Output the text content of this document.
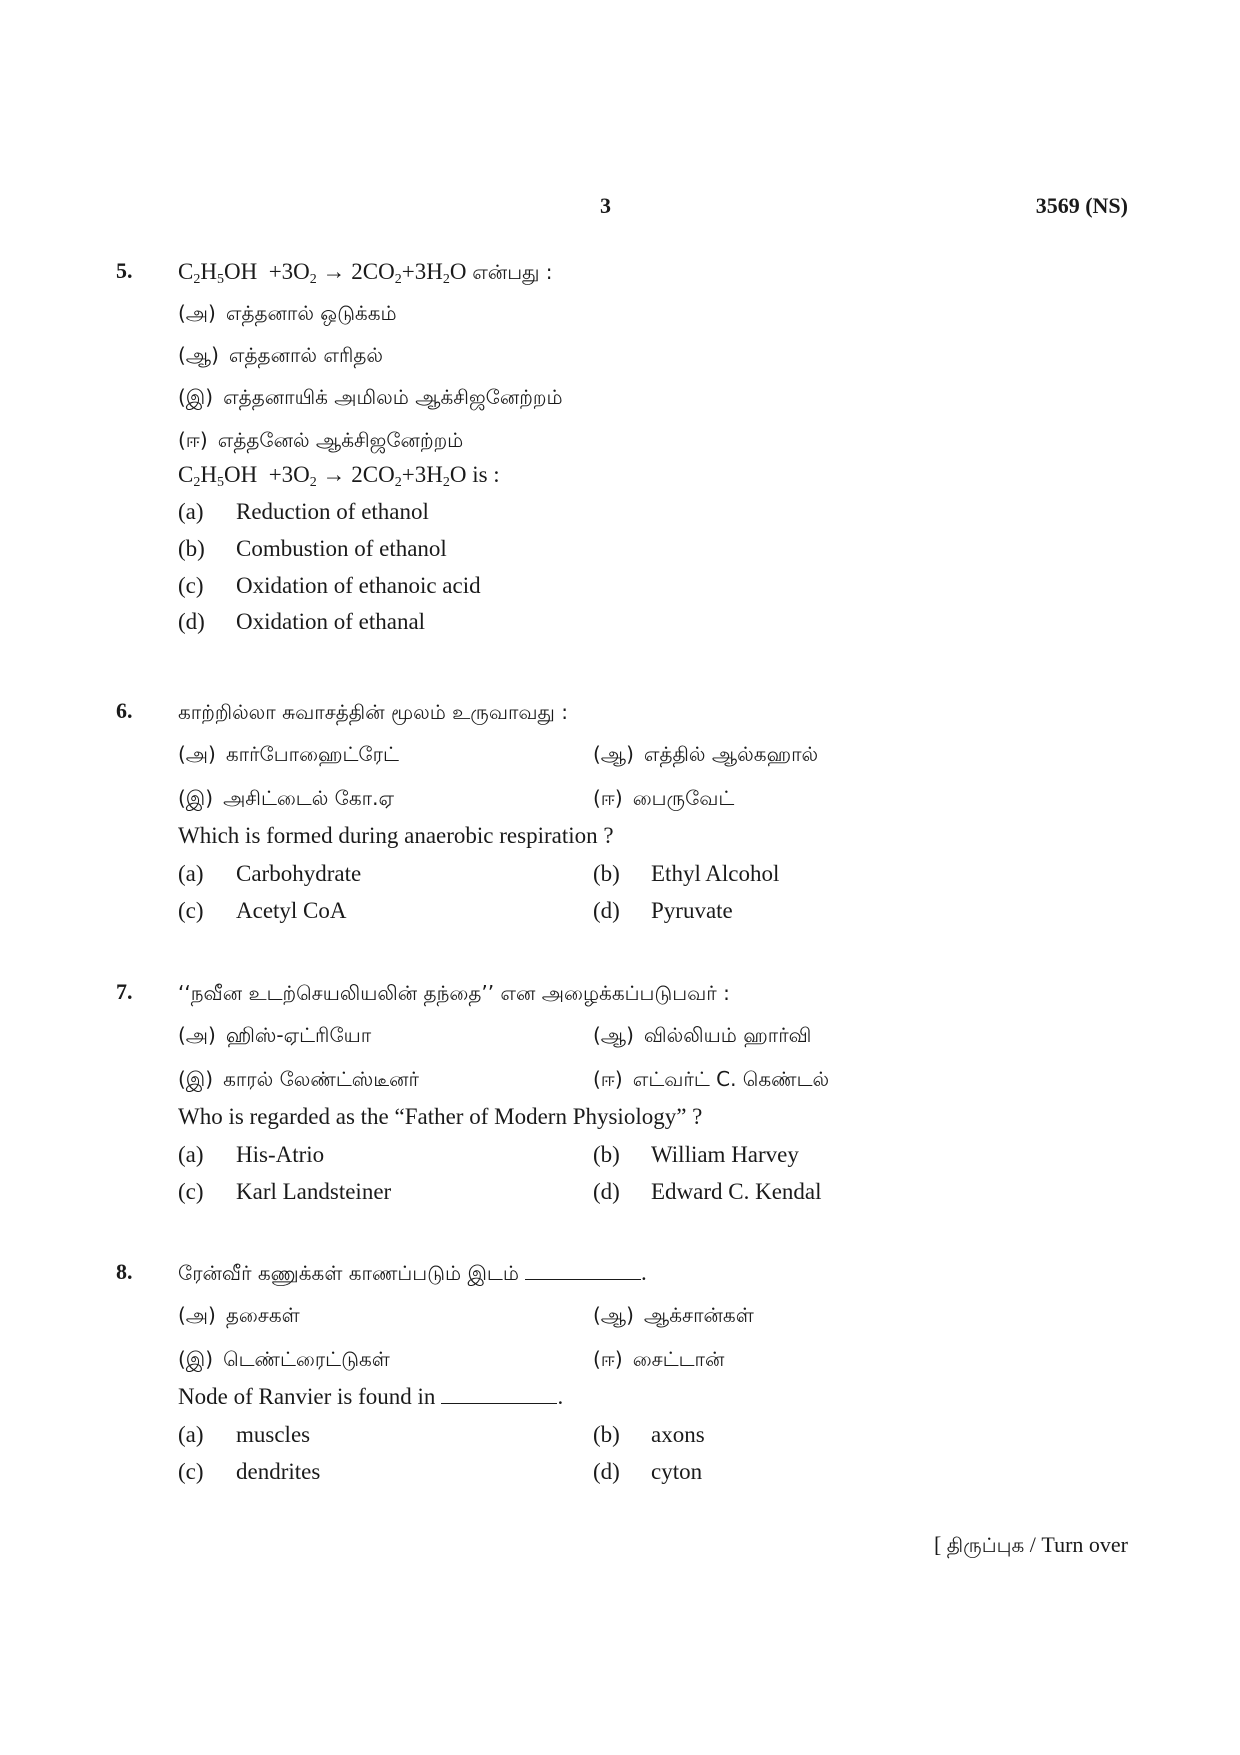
3	3569 (NS)
5. $C_2H_5OH +3O_2 \to 2CO_2+3H_2O$ என்பது :
(அ) எத்தனால் ஒடுக்கம்
(ஆ) எத்தனால் எரிதல்
(இ) எத்தனாயிக் அமிலம் ஆக்சிஜனேற்றம்
(ஈ) எத்தனேல் ஆக்சிஜனேற்றம்
$C_2H_5OH +3O_2 \to 2CO_2+3H_2O$ is :
(a) Reduction of ethanol
(b) Combustion of ethanol
(c) Oxidation of ethanoic acid
(d) Oxidation of ethanal
6. காற்றில்லா சுவாசத்தின் மூலம் உருவாவது :
(அ) கார்போஹைட்ரேட்	(ஆ) எத்தில் ஆல்கஹால்
(இ) அசிட்டைல் கோ.ஏ	(ஈ) பைருவேட்
Which is formed during anaerobic respiration ?
(a) Carbohydrate	(b) Ethyl Alcohol
(c) Acetyl CoA	(d) Pyruvate
7. ‘‘நவீன உடற்செயலியலின் தந்தை’’ என அழைக்கப்படுபவர் :
(அ) ஹிஸ்-ஏட்ரியோ	(ஆ) வில்லியம் ஹார்வி
(இ) காரல் லேண்ட்ஸ்டீனர்	(ஈ) எட்வர்ட் C. கெண்டல்
Who is regarded as the “Father of Modern Physiology” ?
(a) His-Atrio	(b) William Harvey
(c) Karl Landsteiner	(d) Edward C. Kendal
8. ரேன்வீர் கணுக்கள் காணப்படும் இடம்	.
(அ) தசைகள்	(ஆ) ஆக்சான்கள்
(இ) டெண்ட்ரைட்டுகள்	(ஈ) சைட்டான்
Node of Ranvier is found in	.
(a) muscles	(b) axons
(c) dendrites	(d) cyton
[ திருப்புக / Turn over
